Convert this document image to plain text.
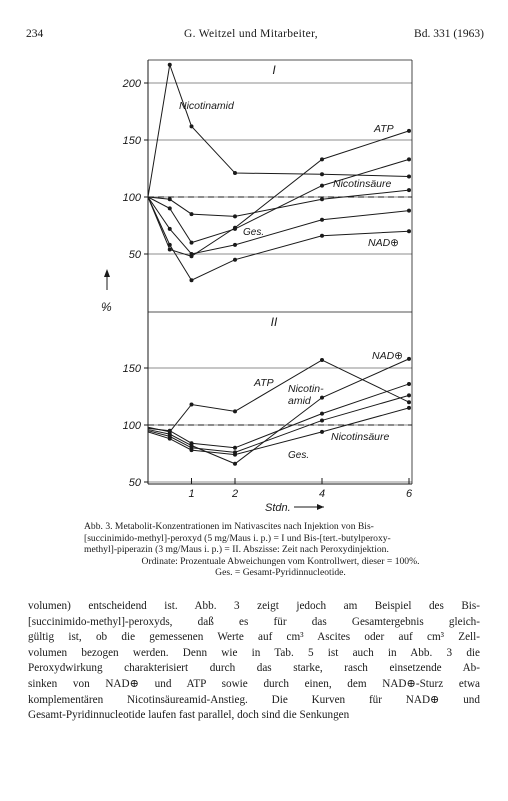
234	G. Weitzel und Mitarbeiter,	Bd. 331 (1963)
50
100
150
200
I
Nicotinamid
ATP
Nicotinsäure
Ges.
NAD⊕
50
100
150
II
NAD⊕
ATP Nicotin-
amid
Nicotinsäure
Ges.
1	2	4	6
Stdn.
%
Abb. 3. Metabolit-Konzentrationen im Nativascites nach Injektion von Bis-
[succinimido-methyl]-peroxyd (5 mg/Maus i. p.) = I und Bis-[tert.-butylperoxy-
methyl]-piperazin (3 mg/Maus i. p.) = II. Abszisse: Zeit nach Peroxydinjektion.
Ordinate: Prozentuale Abweichungen vom Kontrollwert, dieser = 100%.
Ges. = Gesamt-Pyridinnucleotide.
volumen) entscheidend ist. Abb. 3 zeigt jedoch am Beispiel des Bis-
[succinimido-methyl]-peroxyds, daß es für das Gesamtergebnis gleich-
gültig ist, ob die gemessenen Werte auf cm³ Ascites oder auf cm³ Zell-
volumen bezogen werden. Denn wie in Tab. 5 ist auch in Abb. 3 die
Peroxydwirkung charakterisiert durch das starke, rasch einsetzende Ab-
sinken von NAD⊕ und ATP sowie durch einen, dem NAD⊕-Sturz etwa
komplementären Nicotinsäureamid-Anstieg. Die Kurven für NAD⊕ und
Gesamt-Pyridinnucleotide laufen fast parallel, doch sind die Senkungen
